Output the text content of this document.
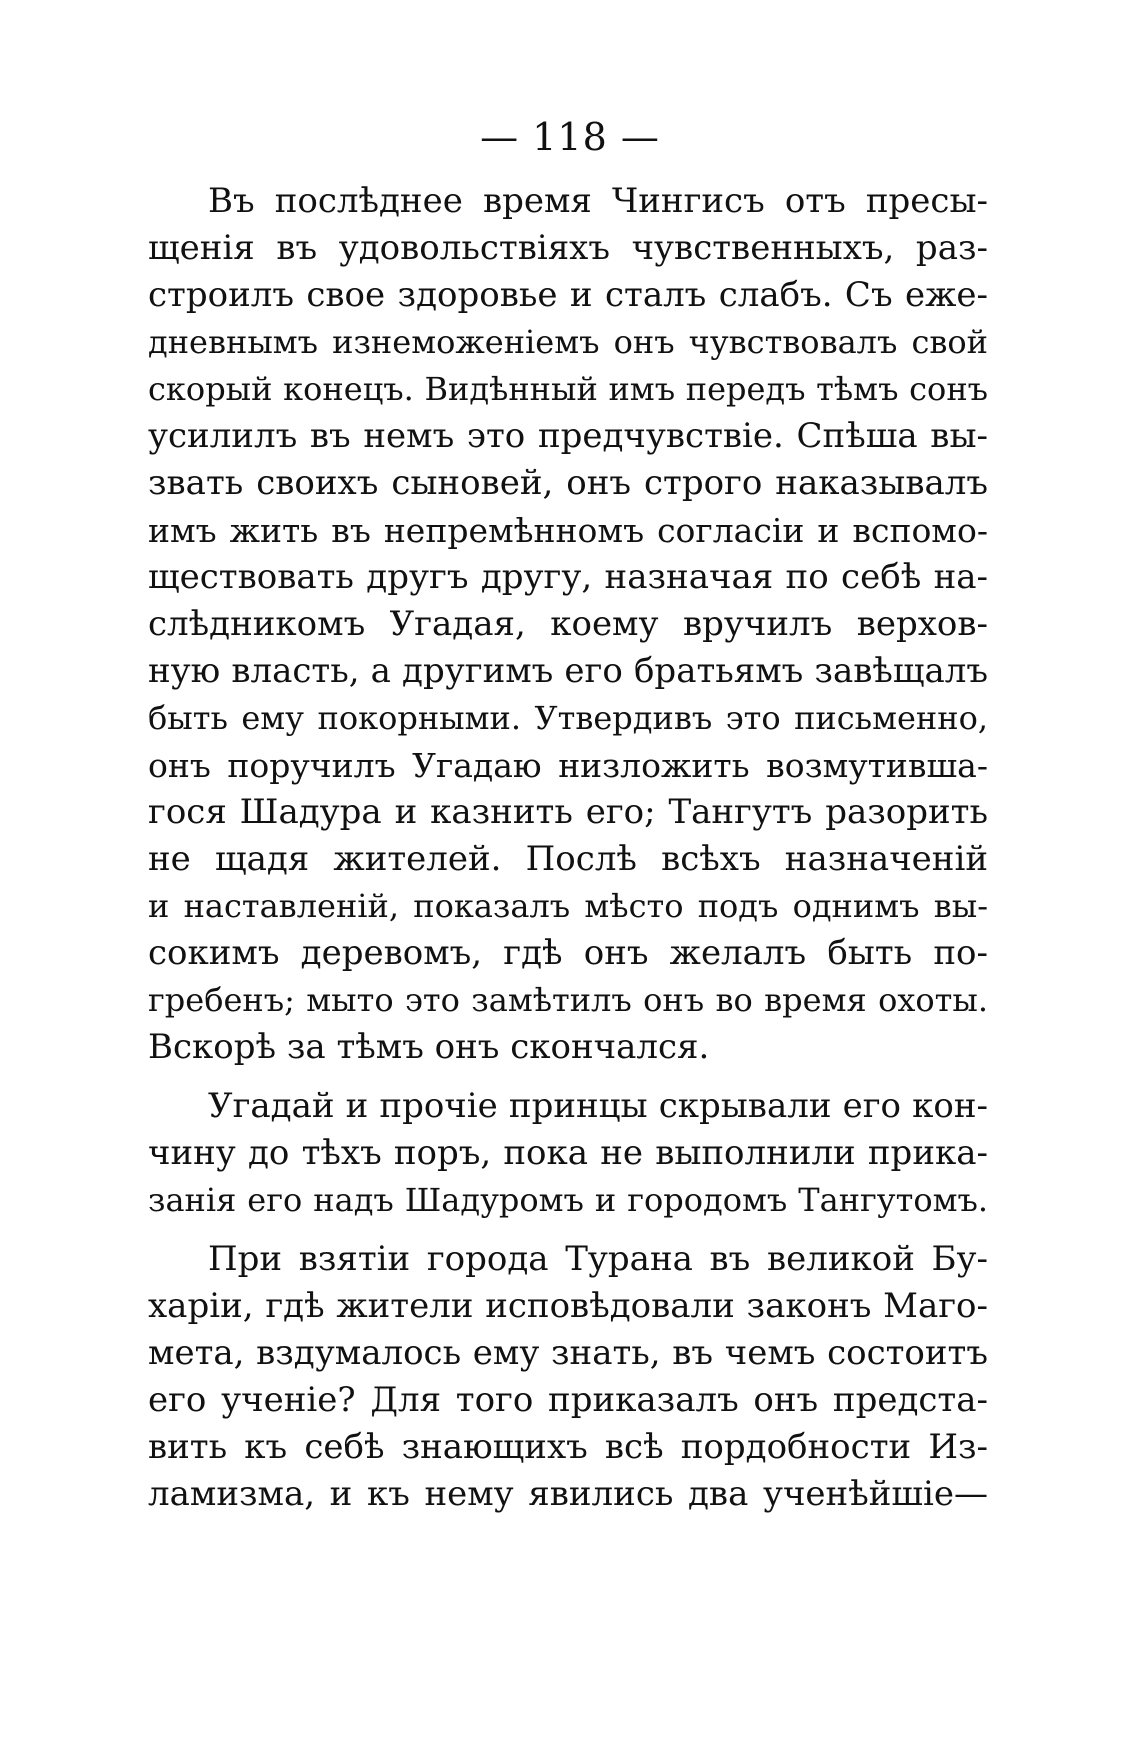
— 118 —
Въ послѣднее время Чингисъ отъ пресы-
щенія въ удовольствіяхъ чувственныхъ, раз-
строилъ свое здоровье и сталъ слабъ. Съ еже-
дневнымъ изнеможеніемъ онъ чувствовалъ свой
скорый конецъ. Видѣнный имъ передъ тѣмъ сонъ
усилилъ въ немъ это предчувствіе. Спѣша вы-
звать своихъ сыновей, онъ строго наказывалъ
имъ жить въ непремѣнномъ согласіи и вспомо-
ществовать другъ другу, назначая по себѣ на-
слѣдникомъ Угадая, коему вручилъ верхов-
ную власть, а другимъ его братьямъ завѣщалъ
быть ему покорными. Утвердивъ это письменно,
онъ поручилъ Угадаю низложить возмутивша-
гося Шадура и казнить его; Тангутъ разорить
не щадя жителей. Послѣ всѣхъ назначеній
и наставленій, показалъ мѣсто подъ однимъ вы-
сокимъ деревомъ, гдѣ онъ желалъ быть по-
гребенъ; мыто это замѣтилъ онъ во время охоты.
Вскорѣ за тѣмъ онъ скончался.
Угадай и прочіе принцы скрывали его кон-
чину до тѣхъ поръ, пока не выполнили прика-
занія его надъ Шадуромъ и городомъ Тангутомъ.
При взятіи города Турана въ великой Бу-
харіи, гдѣ жители исповѣдовали законъ Маго-
мета, вздумалось ему знать, въ чемъ состоитъ
его ученіе? Для того приказалъ онъ предста-
вить къ себѣ знающихъ всѣ пордобности Из-
ламизма, и къ нему явились два ученѣйшіе—
